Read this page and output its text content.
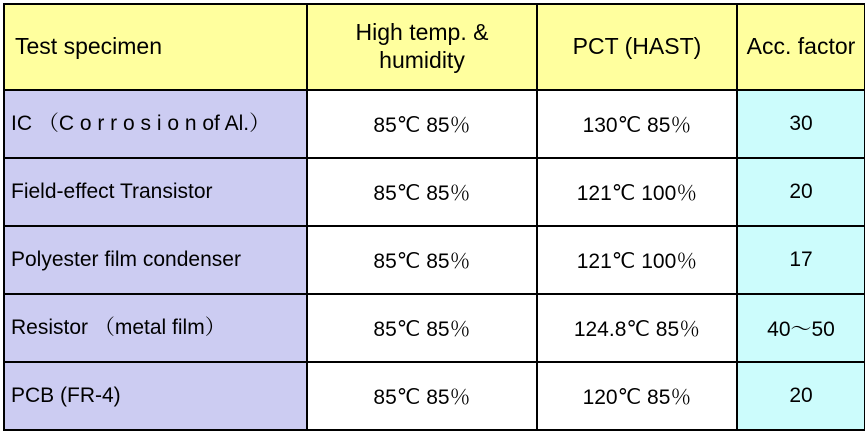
Test specimen	High temp. & humidity	PCT (HAST)	Acc. factor
IC （C o r r o s i o n of Al.）	85℃ 85％	130℃ 85％	30
Field-effect Transistor	85℃ 85％	121℃ 100％	20
Polyester film condenser	85℃ 85％	121℃ 100％	17
Resistor （metal film）	85℃ 85％	124.8℃ 85％	40～50
PCB (FR-4)	85℃ 85％	120℃ 85％	20
